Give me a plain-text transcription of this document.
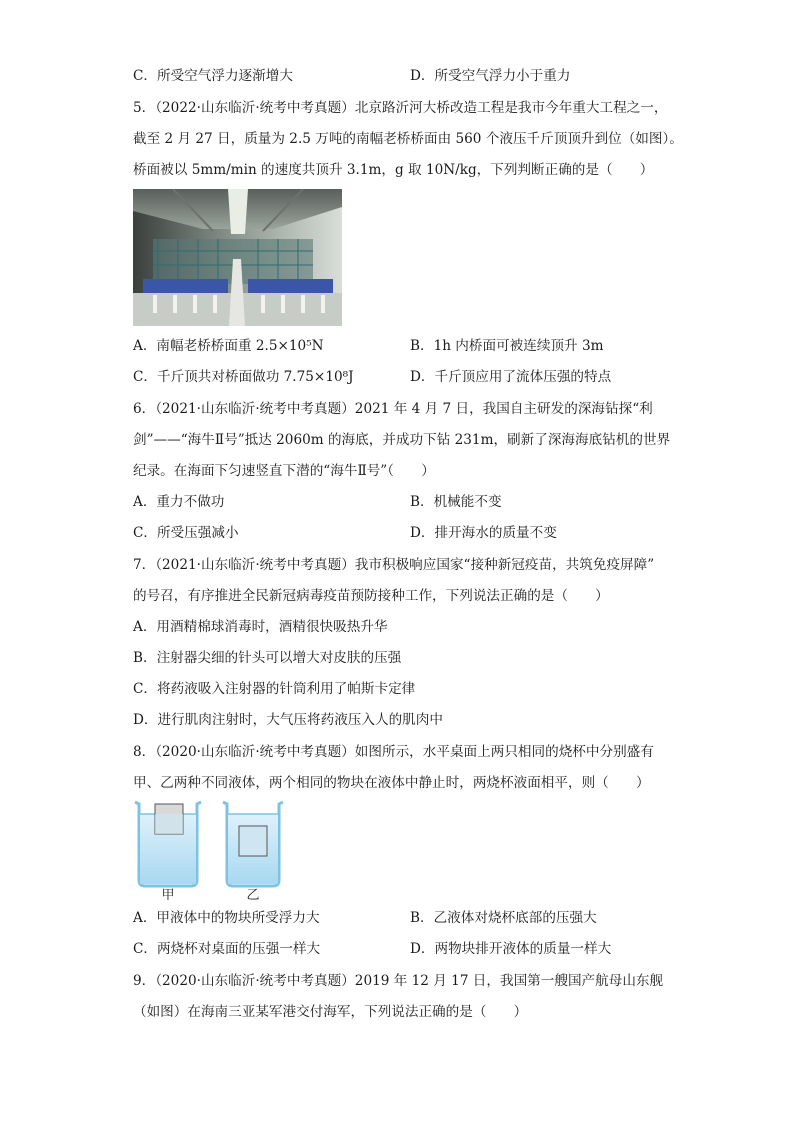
C．所受空气浮力逐渐增大	D．所受空气浮力小于重力
5．（2022·山东临沂·统考中考真题）北京路沂河大桥改造工程是我市今年重大工程之一，
截至 2 月 27 日，质量为 2.5 万吨的南幅老桥桥面由 560 个液压千斤顶顶升到位（如图）。
桥面被以 5mm/min 的速度共顶升 3.1m，g 取 10N/kg，下列判断正确的是（　　）
A．南幅老桥桥面重 2.5×10⁵N	B．1h 内桥面可被连续顶升 3m
C．千斤顶共对桥面做功 7.75×10⁸J	D．千斤顶应用了流体压强的特点
6．（2021·山东临沂·统考中考真题）2021 年 4 月 7 日，我国自主研发的深海钻探“利
剑”——“海牛Ⅱ号”抵达 2060m 的海底，并成功下钻 231m，刷新了深海海底钻机的世界
纪录。在海面下匀速竖直下潜的“海牛Ⅱ号”（　　）
A．重力不做功	B．机械能不变
C．所受压强减小	D．排开海水的质量不变
7．（2021·山东临沂·统考中考真题）我市积极响应国家“接种新冠疫苗，共筑免疫屏障”
的号召，有序推进全民新冠病毒疫苗预防接种工作，下列说法正确的是（　　）
A．用酒精棉球消毒时，酒精很快吸热升华
B．注射器尖细的针头可以增大对皮肤的压强
C．将药液吸入注射器的针筒利用了帕斯卡定律
D．进行肌肉注射时，大气压将药液压入人的肌肉中
8．（2020·山东临沂·统考中考真题）如图所示，水平桌面上两只相同的烧杯中分别盛有
甲、乙两种不同液体，两个相同的物块在液体中静止时，两烧杯液面相平，则（　　）
甲	乙
A．甲液体中的物块所受浮力大	B．乙液体对烧杯底部的压强大
C．两烧杯对桌面的压强一样大	D．两物块排开液体的质量一样大
9．（2020·山东临沂·统考中考真题）2019 年 12 月 17 日，我国第一艘国产航母山东舰
（如图）在海南三亚某军港交付海军，下列说法正确的是（　　）
